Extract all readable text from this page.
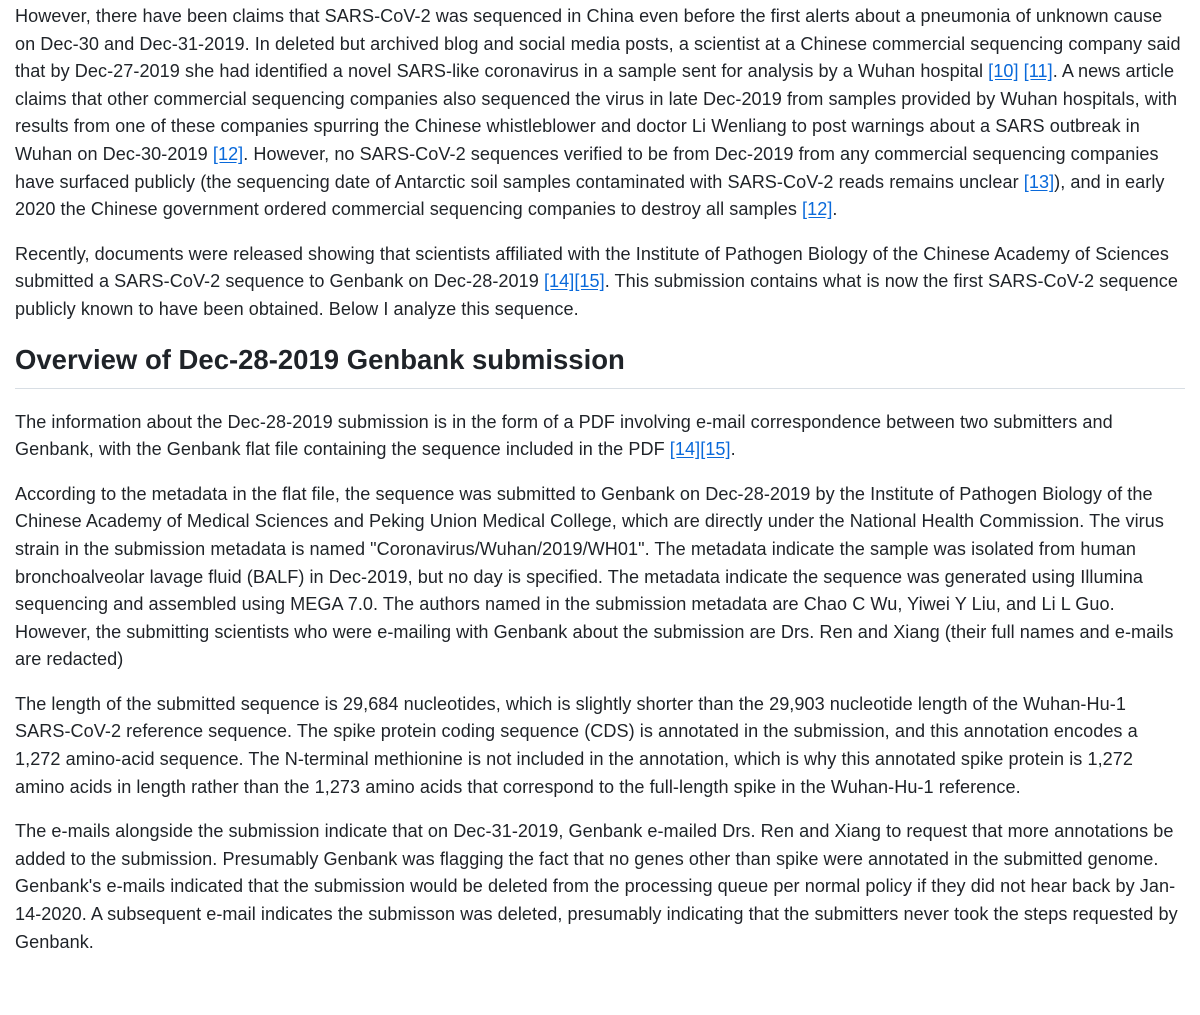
However, there have been claims that SARS-CoV-2 was sequenced in China even before the first alerts about a pneumonia of unknown cause on Dec-30 and Dec-31-2019. In deleted but archived blog and social media posts, a scientist at a Chinese commercial sequencing company said that by Dec-27-2019 she had identified a novel SARS-like coronavirus in a sample sent for analysis by a Wuhan hospital [10] [11]. A news article claims that other commercial sequencing companies also sequenced the virus in late Dec-2019 from samples provided by Wuhan hospitals, with results from one of these companies spurring the Chinese whistleblower and doctor Li Wenliang to post warnings about a SARS outbreak in Wuhan on Dec-30-2019 [12]. However, no SARS-CoV-2 sequences verified to be from Dec-2019 from any commercial sequencing companies have surfaced publicly (the sequencing date of Antarctic soil samples contaminated with SARS-CoV-2 reads remains unclear [13]), and in early 2020 the Chinese government ordered commercial sequencing companies to destroy all samples [12].

Recently, documents were released showing that scientists affiliated with the Institute of Pathogen Biology of the Chinese Academy of Sciences submitted a SARS-CoV-2 sequence to Genbank on Dec-28-2019 [14][15]. This submission contains what is now the first SARS-CoV-2 sequence publicly known to have been obtained. Below I analyze this sequence.

Overview of Dec-28-2019 Genbank submission

The information about the Dec-28-2019 submission is in the form of a PDF involving e-mail correspondence between two submitters and Genbank, with the Genbank flat file containing the sequence included in the PDF [14][15].

According to the metadata in the flat file, the sequence was submitted to Genbank on Dec-28-2019 by the Institute of Pathogen Biology of the Chinese Academy of Medical Sciences and Peking Union Medical College, which are directly under the National Health Commission. The virus strain in the submission metadata is named "Coronavirus/Wuhan/2019/WH01". The metadata indicate the sample was isolated from human bronchoalveolar lavage fluid (BALF) in Dec-2019, but no day is specified. The metadata indicate the sequence was generated using Illumina sequencing and assembled using MEGA 7.0. The authors named in the submission metadata are Chao C Wu, Yiwei Y Liu, and Li L Guo. However, the submitting scientists who were e-mailing with Genbank about the submission are Drs. Ren and Xiang (their full names and e-mails are redacted)

The length of the submitted sequence is 29,684 nucleotides, which is slightly shorter than the 29,903 nucleotide length of the Wuhan-Hu-1 SARS-CoV-2 reference sequence. The spike protein coding sequence (CDS) is annotated in the submission, and this annotation encodes a 1,272 amino-acid sequence. The N-terminal methionine is not included in the annotation, which is why this annotated spike protein is 1,272 amino acids in length rather than the 1,273 amino acids that correspond to the full-length spike in the Wuhan-Hu-1 reference.

The e-mails alongside the submission indicate that on Dec-31-2019, Genbank e-mailed Drs. Ren and Xiang to request that more annotations be added to the submission. Presumably Genbank was flagging the fact that no genes other than spike were annotated in the submitted genome. Genbank's e-mails indicated that the submission would be deleted from the processing queue per normal policy if they did not hear back by Jan-14-2020. A subsequent e-mail indicates the submisson was deleted, presumably indicating that the submitters never took the steps requested by Genbank.
